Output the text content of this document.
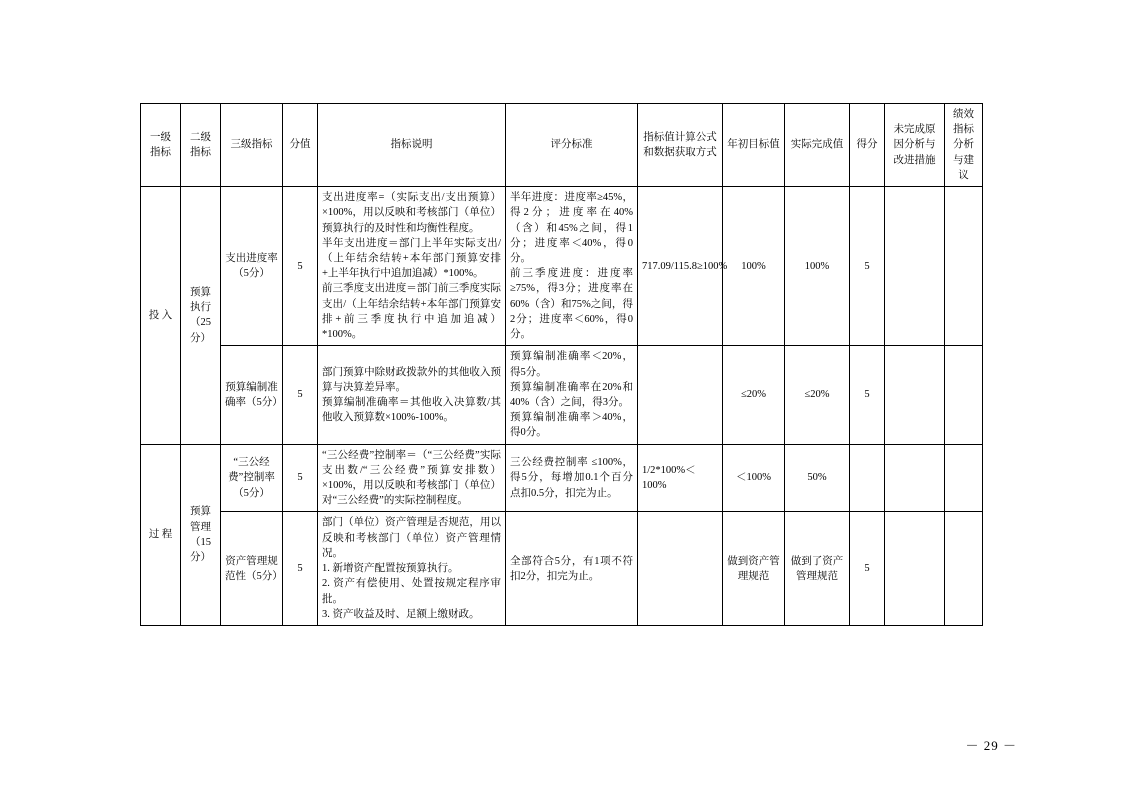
一级指标	二级指标	三级指标	分值	指标说明	评分标准	指标值计算公式和数据获取方式	年初目标值	实际完成值	得分	未完成原因分析与改进措施	绩效指标分析与建议
投 入	预算执行（25分）	支出进度率（5分）	5	支出进度率=（实际支出/支出预算）×100%，用以反映和考核部门（单位）预算执行的及时性和均衡性程度。
半年支出进度＝部门上半年实际支出/（上年结余结转+本年部门预算安排+上半年执行中追加追减）*100%。
前三季度支出进度＝部门前三季度实际支出/（上年结余结转+本年部门预算安排+前三季度执行中追加追减）*100%。	半年进度：进度率≥45%，得2分；进度率在40%（含）和45%之间，得1分；进度率＜40%，得0分。
前三季度进度：进度率≥75%，得3分；进度率在60%（含）和75%之间，得2分；进度率＜60%，得0分。	717.09/115.8≥100%	100%	100%	5		
		预算编制准确率（5分）	5	部门预算中除财政拨款外的其他收入预算与决算差异率。
预算编制准确率＝其他收入决算数/其他收入预算数×100%-100%。	预算编制准确率＜20%，得5分。
预算编制准确率在20%和40%（含）之间，得3分。
预算编制准确率＞40%，得0分。		≤20%	≤20%	5		
过 程	预算管理（15分）	“三公经费”控制率（5分）	5	“三公经费”控制率＝（“三公经费”实际支出数/“三公经费”预算安排数）×100%，用以反映和考核部门（单位）对“三公经费”的实际控制程度。	三公经费控制率 ≤100%，得5分，每增加0.1个百分点扣0.5分，扣完为止。	1/2*100%＜100%	＜100%	50%			
		资产管理规范性（5分）	5	部门（单位）资产管理是否规范，用以反映和考核部门（单位）资产管理情况。
1. 新增资产配置按预算执行。
2. 资产有偿使用、处置按规定程序审批。
3. 资产收益及时、足额上缴财政。	全部符合5分，有1项不符扣2分，扣完为止。		做到资产管理规范	做到了资产管理规范	5		
－ 29 －
